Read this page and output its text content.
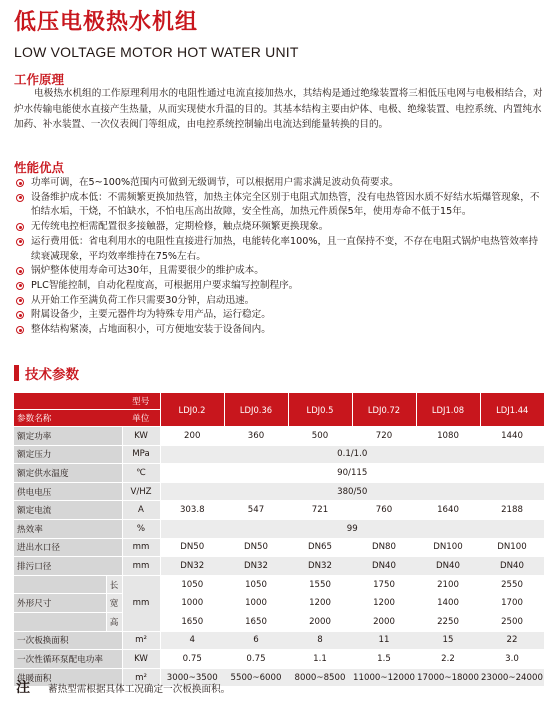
低压电极热水机组
LOW VOLTAGE MOTOR HOT WATER UNIT
工作原理

电极热水机组的工作原理利用水的电阻性通过电流直接加热水，其结构是通过绝缘装置将三相低压电网与电极相结合，对炉水传输电能使水直接产生热量，从而实现使水升温的目的。其基本结构主要由炉体、电极、绝缘装置、电控系统、内置纯水加药、补水装置、一次仪表阀门等组成，由电控系统控制输出电流达到能量转换的目的。

性能优点
功率可调，在5~100%范围内可做到无级调节，可以根据用户需求满足波动负荷要求。
设备维护成本低：不需频繁更换加热管，加热主体完全区别于电阻式加热管，没有电热管因水质不好结水垢爆管现象，不怕结水垢，干烧，不怕缺水，不怕电压高出故障，安全性高，加热元件质保5年，使用寿命不低于15年。
无传统电控柜需配置很多接触器，定期检修，触点烧环频繁更换现象。
运行费用低：省电利用水的电阻性直接进行加热，电能转化率100%，且一直保持不变，不存在电阻式锅炉电热管效率持续衰减现象，平均效率维持在75%左右。
锅炉整体使用寿命可达30年，且需要很少的维护成本。
PLC智能控制，自动化程度高，可根据用户要求编写控制程序。
从开始工作至满负荷工作只需要30分钟，启动迅速。
附属设备少，主要元器件均为特殊专用产品，运行稳定。
整体结构紧凑，占地面积小，可方便地安装于设备间内。
技术参数
		型号	LDJ0.2	LDJ0.36	LDJ0.5	LDJ0.72	LDJ1.08	LDJ1.44
参数名称		单位						
额定功率		KW	200	360	500	720	1080	1440
额定压力		MPa	0.1/1.0					
额定供水温度		℃	90/115					
供电电压		V/HZ	380/50					
额定电流		A	303.8	547	721	760	1640	2188
热效率		%	99					
进出水口径		mm	DN50	DN50	DN65	DN80	DN100	DN100
排污口径		mm	DN32	DN32	DN32	DN40	DN40	DN40
	长	mm	1050	1050	1550	1750	2100	2550
外形尺寸	宽		1000	1000	1200	1200	1400	1700
	高		1650	1650	2000	2000	2250	2500
一次板换面积		m²	4	6	8	11	15	22
一次性循环泵配电功率		KW	0.75	0.75	1.1	1.5	2.2	3.0
供暖面积		m²	3000~3500	5500~6000	8000~8500	11000~12000	17000~18000	23000~24000
注 蓄热型需根据具体工况确定一次板换面积。
